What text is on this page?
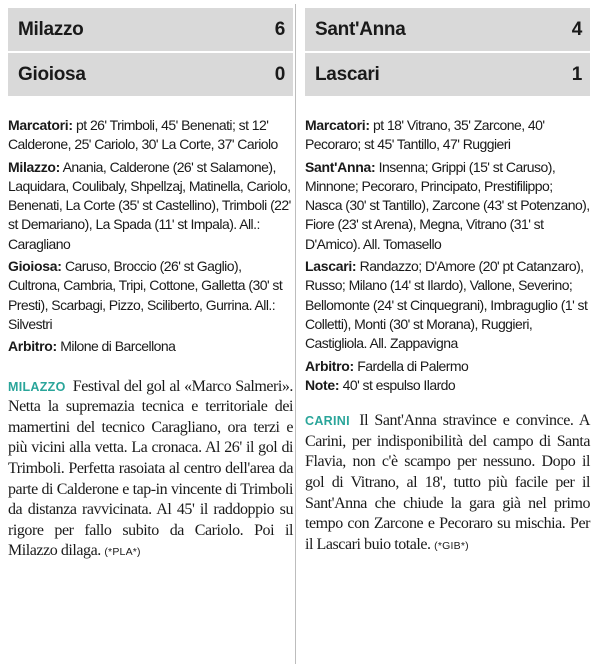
Milazzo	6
Gioiosa	0

Marcatori: pt 26' Trimboli, 45' Benenati; st 12' Calderone, 25' Cariolo, 30' La Corte, 37' Cariolo

Milazzo: Anania, Calderone (26' st Salamone), Laquidara, Coulibaly, Shpellzaj, Matinella, Cariolo, Benenati, La Corte (35' st Castellino), Trimboli (22' st Demariano), La Spada (11' st Impala). All.: Caragliano

Gioiosa: Caruso, Broccio (26' st Gaglio), Cultrona, Cambria, Tripi, Cottone, Galletta (30' st Presti), Scarbagi, Pizzo, Sciliberto, Gurrina. All.: Silvestri

Arbitro: Milone di Barcellona

MILAZZO Festival del gol al «Marco Salmeri». Netta la supremazia tecnica e territoriale dei mamertini del tecnico Caragliano, ora terzi e più vicini alla vetta. La cronaca. Al 26' il gol di Trimboli. Perfetta rasoiata al centro dell'area da parte di Calderone e tap-in vincente di Trimboli da distanza ravvicinata. Al 45' il raddoppio su rigore per fallo subito da Cariolo. Poi il Milazzo dilaga. (*PLA*)
Sant'Anna	4
Lascari	1

Marcatori: pt 18' Vitrano, 35' Zarcone, 40' Pecoraro; st 45' Tantillo, 47' Ruggieri

Sant'Anna: Insenna; Grippi (15' st Caruso), Minnone; Pecoraro, Principato, Prestifilippo; Nasca (30' st Tantillo), Zarcone (43' st Potenzano), Fiore (23' st Arena), Megna, Vitrano (31' st D'Amico). All. Tomasello

Lascari: Randazzo; D'Amore (20' pt Catanzaro), Russo; Milano (14' st Ilardo), Vallone, Severino; Bellomonte (24' st Cinquegrani), Imbraguglio (1' st Colletti), Monti (30' st Morana), Ruggieri, Castigliola. All. Zappavigna

Arbitro: Fardella di Palermo

Note: 40' st espulso Ilardo

CARINI Il Sant'Anna stravince e convince. A Carini, per indisponibilità del campo di Santa Flavia, non c'è scampo per nessuno. Dopo il gol di Vitrano, al 18', tutto più facile per il Sant'Anna che chiude la gara già nel primo tempo con Zarcone e Pecoraro su mischia. Per il Lascari buio totale. (*GIB*)
